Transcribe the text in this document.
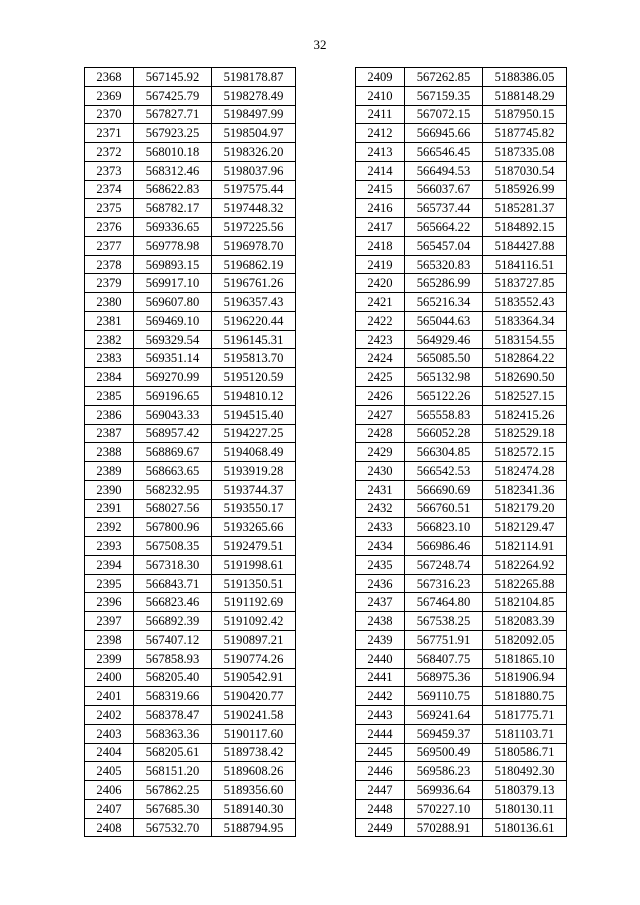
32
2368	567145.92	5198178.87
2369	567425.79	5198278.49
2370	567827.71	5198497.99
2371	567923.25	5198504.97
2372	568010.18	5198326.20
2373	568312.46	5198037.96
2374	568622.83	5197575.44
2375	568782.17	5197448.32
2376	569336.65	5197225.56
2377	569778.98	5196978.70
2378	569893.15	5196862.19
2379	569917.10	5196761.26
2380	569607.80	5196357.43
2381	569469.10	5196220.44
2382	569329.54	5196145.31
2383	569351.14	5195813.70
2384	569270.99	5195120.59
2385	569196.65	5194810.12
2386	569043.33	5194515.40
2387	568957.42	5194227.25
2388	568869.67	5194068.49
2389	568663.65	5193919.28
2390	568232.95	5193744.37
2391	568027.56	5193550.17
2392	567800.96	5193265.66
2393	567508.35	5192479.51
2394	567318.30	5191998.61
2395	566843.71	5191350.51
2396	566823.46	5191192.69
2397	566892.39	5191092.42
2398	567407.12	5190897.21
2399	567858.93	5190774.26
2400	568205.40	5190542.91
2401	568319.66	5190420.77
2402	568378.47	5190241.58
2403	568363.36	5190117.60
2404	568205.61	5189738.42
2405	568151.20	5189608.26
2406	567862.25	5189356.60
2407	567685.30	5189140.30
2408	567532.70	5188794.95
2409	567262.85	5188386.05
2410	567159.35	5188148.29
2411	567072.15	5187950.15
2412	566945.66	5187745.82
2413	566546.45	5187335.08
2414	566494.53	5187030.54
2415	566037.67	5185926.99
2416	565737.44	5185281.37
2417	565664.22	5184892.15
2418	565457.04	5184427.88
2419	565320.83	5184116.51
2420	565286.99	5183727.85
2421	565216.34	5183552.43
2422	565044.63	5183364.34
2423	564929.46	5183154.55
2424	565085.50	5182864.22
2425	565132.98	5182690.50
2426	565122.26	5182527.15
2427	565558.83	5182415.26
2428	566052.28	5182529.18
2429	566304.85	5182572.15
2430	566542.53	5182474.28
2431	566690.69	5182341.36
2432	566760.51	5182179.20
2433	566823.10	5182129.47
2434	566986.46	5182114.91
2435	567248.74	5182264.92
2436	567316.23	5182265.88
2437	567464.80	5182104.85
2438	567538.25	5182083.39
2439	567751.91	5182092.05
2440	568407.75	5181865.10
2441	568975.36	5181906.94
2442	569110.75	5181880.75
2443	569241.64	5181775.71
2444	569459.37	5181103.71
2445	569500.49	5180586.71
2446	569586.23	5180492.30
2447	569936.64	5180379.13
2448	570227.10	5180130.11
2449	570288.91	5180136.61
